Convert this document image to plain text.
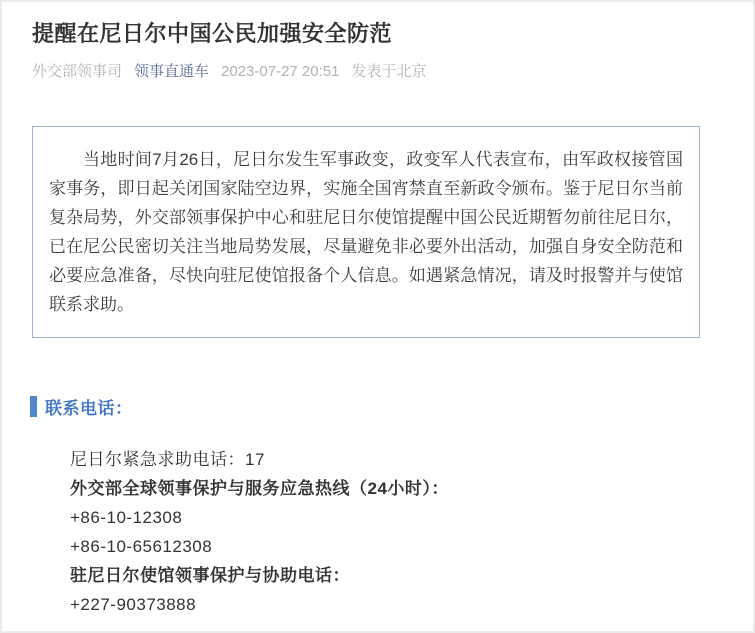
提醒在尼日尔中国公民加强安全防范
外交部领事司 领事直通车 2023-07-27 20:51 发表于北京

当地时间7月26日，尼日尔发生军事政变，政变军人代表宣布，由军政权接管国家事务，即日起关闭国家陆空边界，实施全国宵禁直至新政令颁布。鉴于尼日尔当前复杂局势，外交部领事保护中心和驻尼日尔使馆提醒中国公民近期暂勿前往尼日尔，已在尼公民密切关注当地局势发展，尽量避免非必要外出活动，加强自身安全防范和必要应急准备，尽快向驻尼使馆报备个人信息。如遇紧急情况，请及时报警并与使馆联系求助。

联系电话：

尼日尔紧急求助电话：17

外交部全球领事保护与服务应急热线（24小时）：

+86-10-12308

+86-10-65612308

驻尼日尔使馆领事保护与协助电话：

+227-90373888
